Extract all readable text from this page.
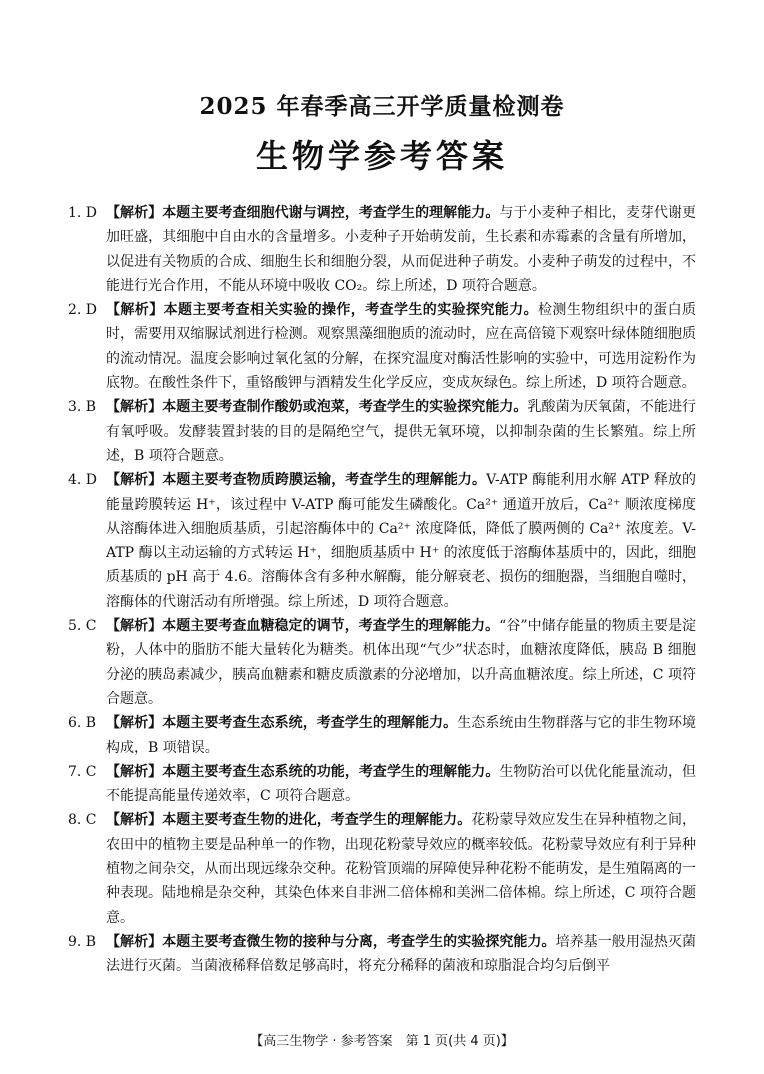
2025 年春季高三开学质量检测卷
生物学参考答案
1. D 【解析】本题主要考查细胞代谢与调控，考查学生的理解能力。与于小麦种子相比，麦芽代谢更加旺盛，其细胞中自由水的含量增多。小麦种子开始萌发前，生长素和赤霉素的含量有所增加，以促进有关物质的合成、细胞生长和细胞分裂，从而促进种子萌发。小麦种子萌发的过程中，不能进行光合作用，不能从环境中吸收 CO₂。综上所述，D 项符合题意。

2. D 【解析】本题主要考查相关实验的操作，考查学生的实验探究能力。检测生物组织中的蛋白质时，需要用双缩脲试剂进行检测。观察黑藻细胞质的流动时，应在高倍镜下观察叶绿体随细胞质的流动情况。温度会影响过氧化氢的分解，在探究温度对酶活性影响的实验中，可选用淀粉作为底物。在酸性条件下，重铬酸钾与酒精发生化学反应，变成灰绿色。综上所述，D 项符合题意。

3. B 【解析】本题主要考查制作酸奶或泡菜，考查学生的实验探究能力。乳酸菌为厌氧菌，不能进行有氧呼吸。发酵装置封装的目的是隔绝空气，提供无氧环境，以抑制杂菌的生长繁殖。综上所述，B 项符合题意。

4. D 【解析】本题主要考查物质跨膜运输，考查学生的理解能力。V-ATP 酶能利用水解 ATP 释放的能量跨膜转运 H⁺，该过程中 V-ATP 酶可能发生磷酸化。Ca²⁺ 通道开放后，Ca²⁺ 顺浓度梯度从溶酶体进入细胞质基质，引起溶酶体中的 Ca²⁺ 浓度降低，降低了膜两侧的 Ca²⁺ 浓度差。V-ATP 酶以主动运输的方式转运 H⁺，细胞质基质中 H⁺ 的浓度低于溶酶体基质中的，因此，细胞质基质的 pH 高于 4.6。溶酶体含有多种水解酶，能分解衰老、损伤的细胞器，当细胞自噬时，溶酶体的代谢活动有所增强。综上所述，D 项符合题意。

5. C 【解析】本题主要考查血糖稳定的调节，考查学生的理解能力。“谷”中储存能量的物质主要是淀粉，人体中的脂肪不能大量转化为糖类。机体出现“气少”状态时，血糖浓度降低，胰岛 B 细胞分泌的胰岛素减少，胰高血糖素和糖皮质激素的分泌增加，以升高血糖浓度。综上所述，C 项符合题意。

6. B 【解析】本题主要考查生态系统，考查学生的理解能力。生态系统由生物群落与它的非生物环境构成，B 项错误。

7. C 【解析】本题主要考查生态系统的功能，考查学生的理解能力。生物防治可以优化能量流动，但不能提高能量传递效率，C 项符合题意。

8. C 【解析】本题主要考查生物的进化，考查学生的理解能力。花粉蒙导效应发生在异种植物之间，农田中的植物主要是品种单一的作物，出现花粉蒙导效应的概率较低。花粉蒙导效应有利于异种植物之间杂交，从而出现远缘杂交种。花粉管顶端的屏障使异种花粉不能萌发，是生殖隔离的一种表现。陆地棉是杂交种，其染色体来自非洲二倍体棉和美洲二倍体棉。综上所述，C 项符合题意。

9. B 【解析】本题主要考查微生物的接种与分离，考查学生的实验探究能力。培养基一般用湿热灭菌法进行灭菌。当菌液稀释倍数足够高时，将充分稀释的菌液和琼脂混合均匀后倒平

【高三生物学 · 参考答案　第 1 页(共 4 页)】
